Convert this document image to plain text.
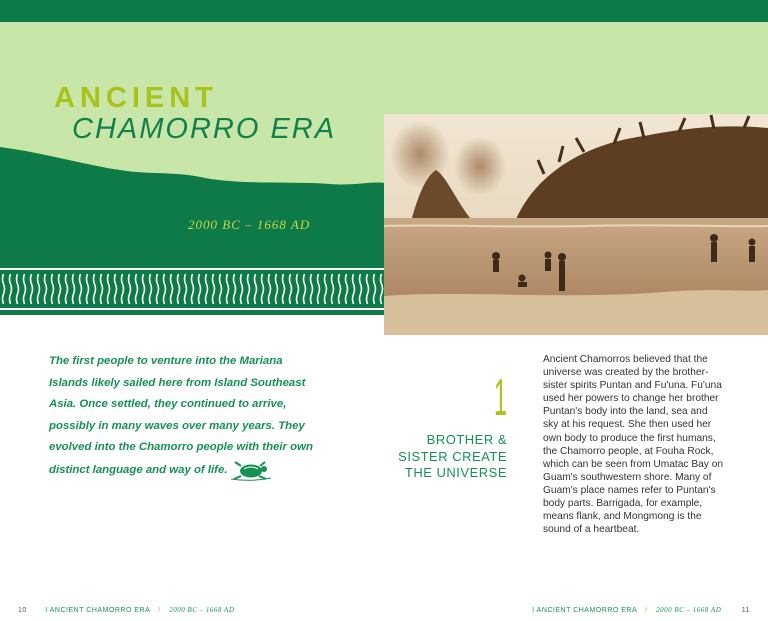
ANCIENT
CHAMORRO ERA
2000 BC – 1668 AD

The first people to venture into the Mariana Islands likely sailed here from Island Southeast Asia. Once settled, they continued to arrive, possibly in many waves over many years. They evolved into the Chamorro people with their own distinct language and way of life.

1
BROTHER & SISTER CREATE THE UNIVERSE

Ancient Chamorros believed that the universe was created by the brother-sister spirits Puntan and Fu'una. Fu'una used her powers to change her brother Puntan's body into the land, sea and sky at his request. She then used her own body to produce the first humans, the Chamorro people, at Fouha Rock, which can be seen from Umatac Bay on Guam's southwestern shore. Many of Guam's place names refer to Puntan's body parts. Barrigada, for example, means flank, and Mongmong is the sound of a heartbeat.

10	I ANCIENT CHAMORRO ERA / 2000 BC – 1668 AD	I ANCIENT CHAMORRO ERA / 2000 BC – 1668 AD	11
